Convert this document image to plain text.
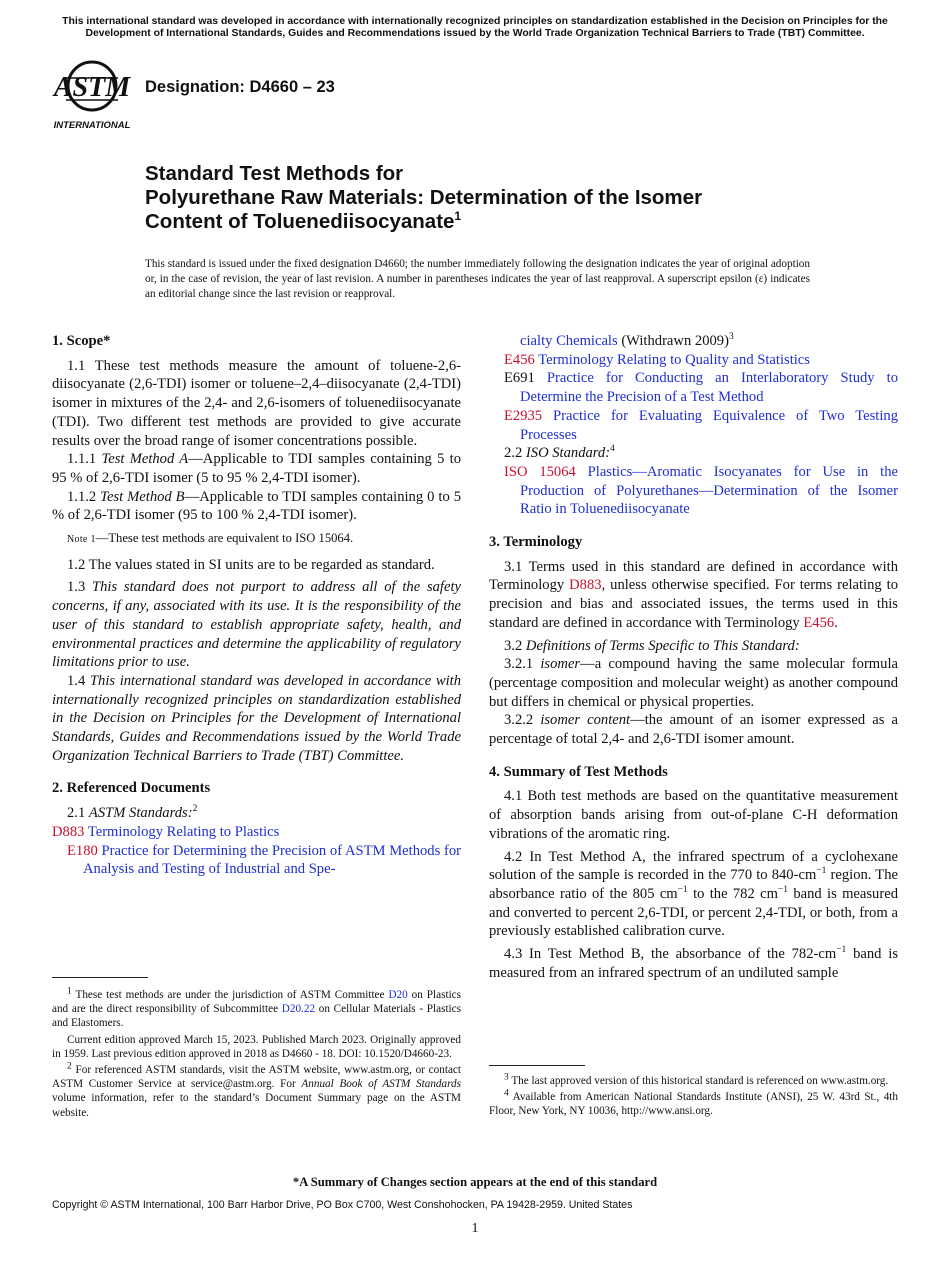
This international standard was developed in accordance with internationally recognized principles on standardization established in the Decision on Principles for the Development of International Standards, Guides and Recommendations issued by the World Trade Organization Technical Barriers to Trade (TBT) Committee.
ASTM
INTERNATIONAL
Designation: D4660 – 23
Standard Test Methods for
Polyurethane Raw Materials: Determination of the Isomer
Content of Toluenediisocyanate$^1$
This standard is issued under the fixed designation D4660; the number immediately following the designation indicates the year of original adoption or, in the case of revision, the year of last revision. A number in parentheses indicates the year of last reapproval. A superscript epsilon (ε) indicates an editorial change since the last revision or reapproval.
1. Scope*

1.1 These test methods measure the amount of toluene-2,6-diisocyanate (2,6-TDI) isomer or toluene–2,4–diisocyanate (2,4-TDI) isomer in mixtures of the 2,4- and 2,6-isomers of toluenediisocyanate (TDI). Two different test methods are provided to give accurate results over the broad range of isomer concentrations possible.

1.1.1 Test Method A—Applicable to TDI samples containing 5 to 95 % of 2,6-TDI isomer (5 to 95 % 2,4-TDI isomer).

1.1.2 Test Method B—Applicable to TDI samples containing 0 to 5 % of 2,6-TDI isomer (95 to 100 % 2,4-TDI isomer).

Note 1—These test methods are equivalent to ISO 15064.

1.2 The values stated in SI units are to be regarded as standard.

1.3 This standard does not purport to address all of the safety concerns, if any, associated with its use. It is the responsibility of the user of this standard to establish appropriate safety, health, and environmental practices and determine the applicability of regulatory limitations prior to use.

1.4 This international standard was developed in accordance with internationally recognized principles on standardization established in the Decision on Principles for the Development of International Standards, Guides and Recommendations issued by the World Trade Organization Technical Barriers to Trade (TBT) Committee.

2. Referenced Documents

2.1 ASTM Standards:$^2$

D883 Terminology Relating to Plastics

E180 Practice for Determining the Precision of ASTM Methods for Analysis and Testing of Industrial and Spe-

$^1$ These test methods are under the jurisdiction of ASTM Committee D20 on Plastics and are the direct responsibility of Subcommittee D20.22 on Cellular Materials - Plastics and Elastomers.

Current edition approved March 15, 2023. Published March 2023. Originally approved in 1959. Last previous edition approved in 2018 as D4660 - 18. DOI: 10.1520/D4660-23.

$^2$ For referenced ASTM standards, visit the ASTM website, www.astm.org, or contact ASTM Customer Service at service@astm.org. For Annual Book of ASTM Standards volume information, refer to the standard’s Document Summary page on the ASTM website.

cialty Chemicals (Withdrawn 2009)$^3$

E456 Terminology Relating to Quality and Statistics

E691 Practice for Conducting an Interlaboratory Study to Determine the Precision of a Test Method

E2935 Practice for Evaluating Equivalence of Two Testing Processes

2.2 ISO Standard:$^4$

ISO 15064 Plastics—Aromatic Isocyanates for Use in the Production of Polyurethanes—Determination of the Isomer Ratio in Toluenediisocyanate

3. Terminology

3.1 Terms used in this standard are defined in accordance with Terminology D883, unless otherwise specified. For terms relating to precision and bias and associated issues, the terms used in this standard are defined in accordance with Terminology E456.

3.2 Definitions of Terms Specific to This Standard:

3.2.1 isomer—a compound having the same molecular formula (percentage composition and molecular weight) as another compound but differs in chemical or physical properties.

3.2.2 isomer content—the amount of an isomer expressed as a percentage of total 2,4- and 2,6-TDI isomer amount.

4. Summary of Test Methods

4.1 Both test methods are based on the quantitative measurement of absorption bands arising from out-of-plane C-H deformation vibrations of the aromatic ring.

4.2 In Test Method A, the infrared spectrum of a cyclohexane solution of the sample is recorded in the 770 to $840-cm^{-1}$ region. The absorbance ratio of the 805 $cm^{-1}$ to the 782 $cm^{-1}$ band is measured and converted to percent 2,6-TDI, or percent 2,4-TDI, or both, from a previously established calibration curve.

4.3 In Test Method B, the absorbance of the $782-cm^{-1}$ band is measured from an infrared spectrum of an undiluted sample

$^3$ The last approved version of this historical standard is referenced on www.astm.org.

$^4$ Available from American National Standards Institute (ANSI), 25 W. 43rd St., 4th Floor, New York, NY 10036, http://www.ansi.org.

*A Summary of Changes section appears at the end of this standard
Copyright © ASTM International, 100 Barr Harbor Drive, PO Box C700, West Conshohocken, PA 19428-2959. United States
1
